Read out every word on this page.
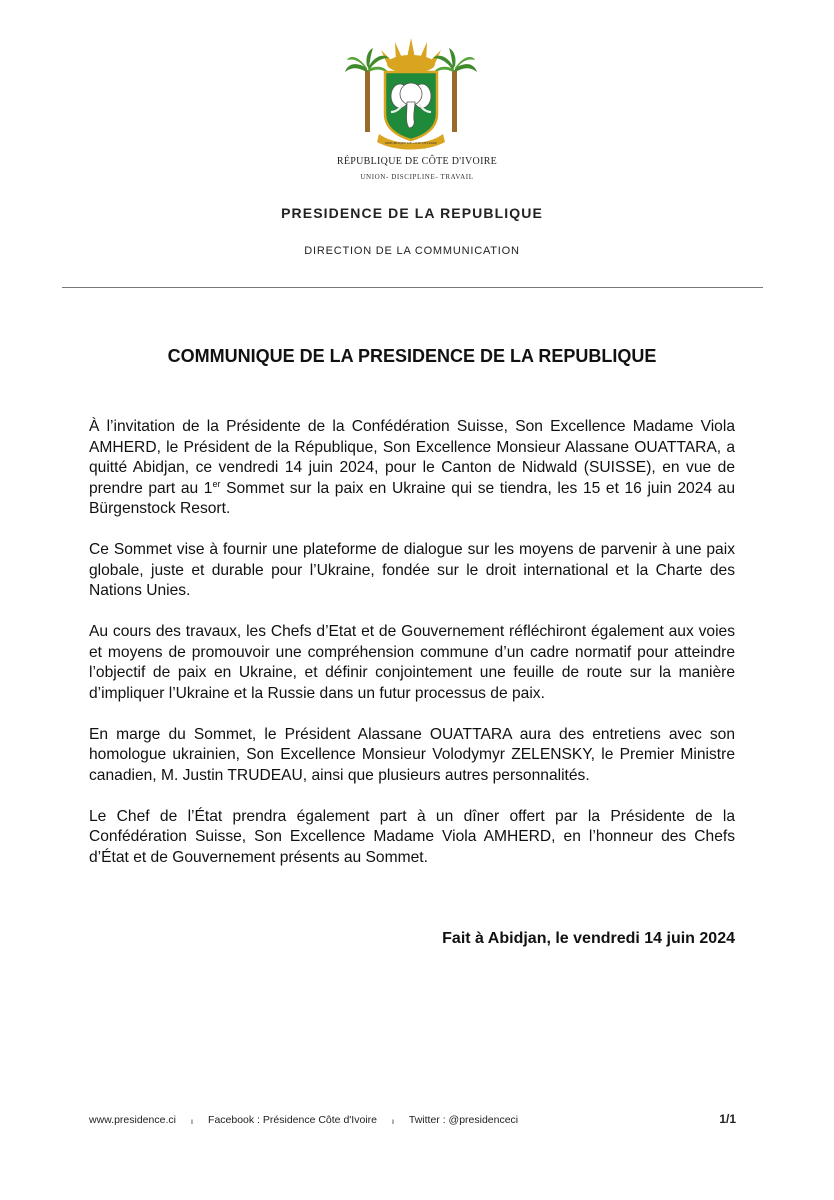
REPUBLIQUE DE COTE D'IVOIRE
RÉPUBLIQUE DE CÔTE D'IVOIRE
UNION- DISCIPLINE- TRAVAIL
PRESIDENCE DE LA REPUBLIQUE
DIRECTION DE LA COMMUNICATION
COMMUNIQUE DE LA PRESIDENCE DE LA REPUBLIQUE

À l’invitation de la Présidente de la Confédération Suisse, Son Excellence Madame Viola AMHERD, le Président de la République, Son Excellence Monsieur Alassane OUATTARA, a quitté Abidjan, ce vendredi 14 juin 2024, pour le Canton de Nidwald (SUISSE), en vue de prendre part au 1er Sommet sur la paix en Ukraine qui se tiendra, les 15 et 16 juin 2024 au Bürgenstock Resort.

Ce Sommet vise à fournir une plateforme de dialogue sur les moyens de parvenir à une paix globale, juste et durable pour l’Ukraine, fondée sur le droit international et la Charte des Nations Unies.

Au cours des travaux, les Chefs d’Etat et de Gouvernement réfléchiront également aux voies et moyens de promouvoir une compréhension commune d’un cadre normatif pour atteindre l’objectif de paix en Ukraine, et définir conjointement une feuille de route sur la manière d’impliquer l’Ukraine et la Russie dans un futur processus de paix.

En marge du Sommet, le Président Alassane OUATTARA aura des entretiens avec son homologue ukrainien, Son Excellence Monsieur Volodymyr ZELENSKY, le Premier Ministre canadien, M. Justin TRUDEAU, ainsi que plusieurs autres personnalités.

Le Chef de l’État prendra également part à un dîner offert par la Présidente de la Confédération Suisse, Son Excellence Madame Viola AMHERD, en l’honneur des Chefs d’État et de Gouvernement présents au Sommet.

Fait à Abidjan, le vendredi 14 juin 2024
www.presidence.ci ı Facebook : Présidence Côte d'Ivoire ı Twitter : @presidenceci	1/1
